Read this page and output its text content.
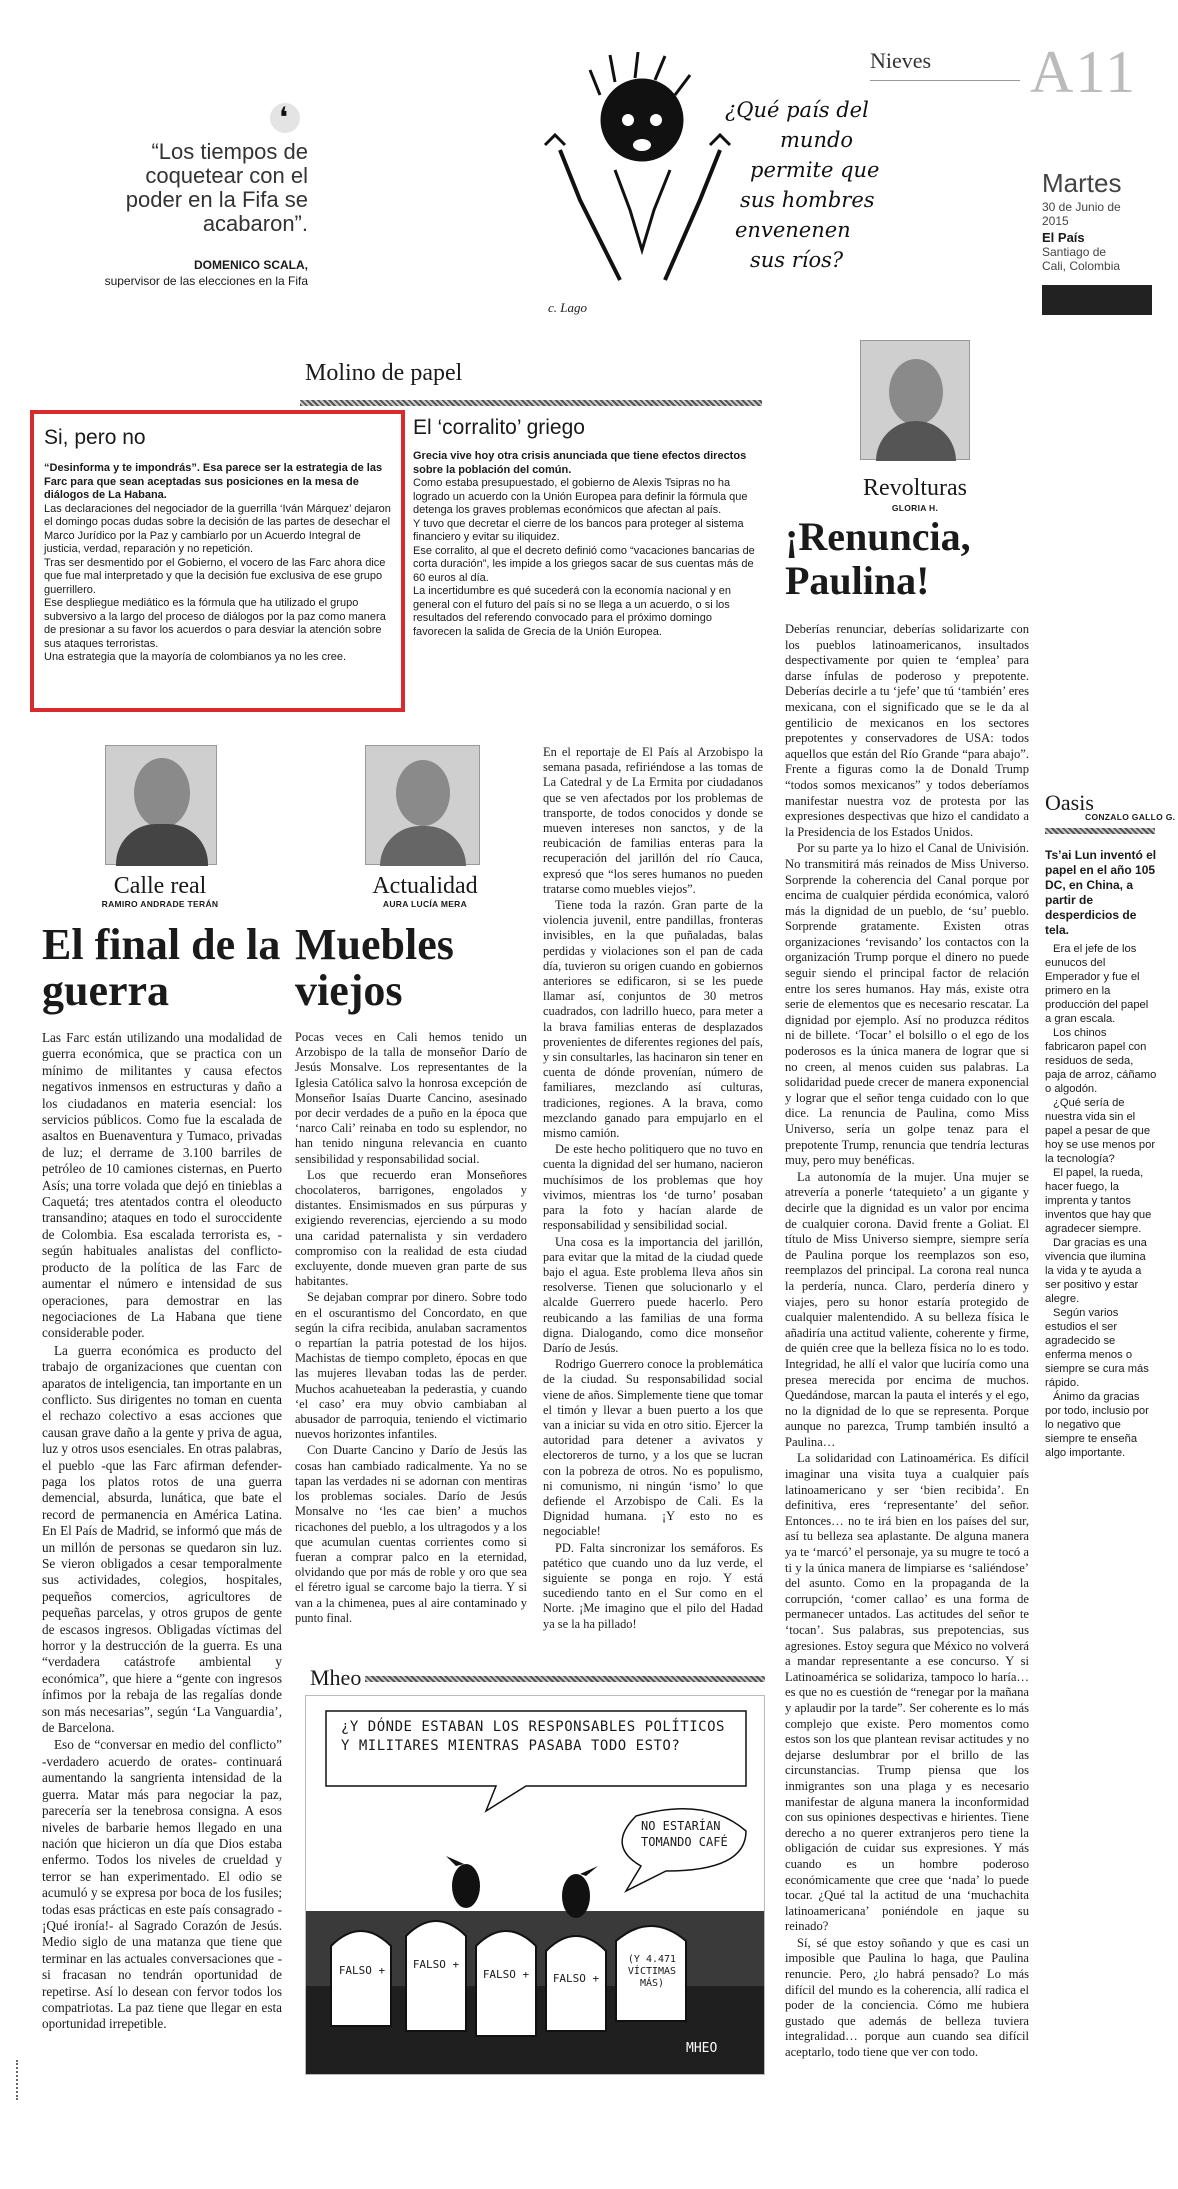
Nieves A11
❛
“Los tiempos de coquetear con el poder en la Fifa se acabaron”.
DOMENICO SCALA,
supervisor de las elecciones en la Fifa
¿Qué país del
mundo
permite que
sus hombres
envenenen
sus ríos?
c. Lago
Martes
30 de Junio de 2015
El País
Santiago de Cali, Colombia
Molino de papel
Si, pero no
“Desinforma y te impondrás”. Esa parece ser la estrategia de las Farc para que sean aceptadas sus posiciones en la mesa de diálogos de La Habana.
Las declaraciones del negociador de la guerrilla ‘Iván Márquez’ dejaron el domingo pocas dudas sobre la decisión de las partes de desechar el Marco Jurídico por la Paz y cambiarlo por un Acuerdo Integral de justicia, verdad, reparación y no repetición.
Tras ser desmentido por el Gobierno, el vocero de las Farc ahora dice que fue mal interpretado y que la decisión fue exclusiva de ese grupo guerrillero.
Ese despliegue mediático es la fórmula que ha utilizado el grupo subversivo a la largo del proceso de diálogos por la paz como manera de presionar a su favor los acuerdos o para desviar la atención sobre sus ataques terroristas.
Una estrategia que la mayoría de colombianos ya no les cree.
El ‘corralito’ griego
Grecia vive hoy otra crisis anunciada que tiene efectos directos sobre la población del común.
Como estaba presupuestado, el gobierno de Alexis Tsipras no ha logrado un acuerdo con la Unión Europea para definir la fórmula que detenga los graves problemas económicos que afectan al país.
Y tuvo que decretar el cierre de los bancos para proteger al sistema financiero y evitar su iliquidez.
Ese corralito, al que el decreto definió como “vacaciones bancarias de corta duración”, les impide a los griegos sacar de sus cuentas más de 60 euros al día.
La incertidumbre es qué sucederá con la economía nacional y en general con el futuro del país si no se llega a un acuerdo, o si los resultados del referendo convocado para el próximo domingo favorecen la salida de Grecia de la Unión Europea.
Revolturas
GLORIA H.
¡Renuncia, Paulina!

Deberías renunciar, deberías solidarizarte con los pueblos latinoamericanos, insultados despectivamente por quien te ‘emplea’ para darse ínfulas de poderoso y prepotente. Deberías decirle a tu ‘jefe’ que tú ‘también’ eres mexicana, con el significado que se le da al gentilicio de mexicanos en los sectores prepotentes y conservadores de USA: todos aquellos que están del Río Grande “para abajo”. Frente a figuras como la de Donald Trump “todos somos mexicanos” y todos deberíamos manifestar nuestra voz de protesta por las expresiones despectivas que hizo el candidato a la Presidencia de los Estados Unidos.

Por su parte ya lo hizo el Canal de Univisión. No transmitirá más reinados de Miss Universo. Sorprende la coherencia del Canal porque por encima de cualquier pérdida económica, valoró más la dignidad de un pueblo, de ‘su’ pueblo. Sorprende gratamente. Existen otras organizaciones ‘revisando’ los contactos con la organización Trump porque el dinero no puede seguir siendo el principal factor de relación entre los seres humanos. Hay más, existe otra serie de elementos que es necesario rescatar. La dignidad por ejemplo. Así no produzca réditos ni de billete. ‘Tocar’ el bolsillo o el ego de los poderosos es la única manera de lograr que si no creen, al menos cuiden sus palabras. La solidaridad puede crecer de manera exponencial y lograr que el señor tenga cuidado con lo que dice. La renuncia de Paulina, como Miss Universo, sería un golpe tenaz para el prepotente Trump, renuncia que tendría lecturas muy, pero muy benéficas.

La autonomía de la mujer. Una mujer se atrevería a ponerle ‘tatequieto’ a un gigante y decirle que la dignidad es un valor por encima de cualquier corona. David frente a Goliat. El título de Miss Universo siempre, siempre sería de Paulina porque los reemplazos son eso, reemplazos del principal. La corona real nunca la perdería, nunca. Claro, perdería dinero y viajes, pero su honor estaría protegido de cualquier malentendido. A su belleza física le añadiría una actitud valiente, coherente y firme, de quién cree que la belleza física no lo es todo. Integridad, he allí el valor que luciría como una presea merecida por encima de muchos. Quedándose, marcan la pauta el interés y el ego, no la dignidad de lo que se representa. Porque aunque no parezca, Trump también insultó a Paulina…

La solidaridad con Latinoamérica. Es difícil imaginar una visita tuya a cualquier país latinoamericano y ser ‘bien recibida’. En definitiva, eres ‘representante’ del señor. Entonces… no te irá bien en los países del sur, así tu belleza sea aplastante. De alguna manera ya te ‘marcó’ el personaje, ya su mugre te tocó a ti y la única manera de limpiarse es ‘saliéndose’ del asunto. Como en la propaganda de la corrupción, ‘comer callao’ es una forma de permanecer untados. Las actitudes del señor te ‘tocan’. Sus palabras, sus prepotencias, sus agresiones. Estoy segura que México no volverá a mandar representante a ese concurso. Y si Latinoamérica se solidariza, tampoco lo haría… es que no es cuestión de “renegar por la mañana y aplaudir por la tarde”. Ser coherente es lo más complejo que existe. Pero momentos como estos son los que plantean revisar actitudes y no dejarse deslumbrar por el brillo de las circunstancias. Trump piensa que los inmigrantes son una plaga y es necesario manifestar de alguna manera la inconformidad con sus opiniones despectivas e hirientes. Tiene derecho a no querer extranjeros pero tiene la obligación de cuidar sus expresiones. Y más cuando es un hombre poderoso económicamente que cree que ‘nada’ lo puede tocar. ¿Qué tal la actitud de una ‘muchachita latinoamericana’ poniéndole en jaque su reinado?

Sí, sé que estoy soñando y que es casi un imposible que Paulina lo haga, que Paulina renuncie. Pero, ¿lo habrá pensado? Lo más difícil del mundo es la coherencia, allí radica el poder de la conciencia. Cómo me hubiera gustado que además de belleza tuviera integralidad… porque aun cuando sea difícil aceptarlo, todo tiene que ver con todo.

Oasis
CONZALO GALLO G.
Ts’ai Lun inventó el papel en el año 105 DC, en China, a partir de desperdicios de tela.
Era el jefe de los eunucos del Emperador y fue el primero en la producción del papel a gran escala.
Los chinos fabricaron papel con residuos de seda, paja de arroz, cáñamo o algodón.
¿Qué sería de nuestra vida sin el papel a pesar de que hoy se use menos por la tecnología?
El papel, la rueda, hacer fuego, la imprenta y tantos inventos que hay que agradecer siempre.
Dar gracias es una vivencia que ilumina la vida y te ayuda a ser positivo y estar alegre.
Según varios estudios el ser agradecido se enferma menos o siempre se cura más rápido.
Ánimo da gracias por todo, inclusio por lo negativo que siempre te enseña algo importante.
Calle real
RAMIRO ANDRADE TERÁN
El final de la guerra

Las Farc están utilizando una modalidad de guerra económica, que se practica con un mínimo de militantes y causa efectos negativos inmensos en estructuras y daño a los ciudadanos en materia esencial: los servicios públicos. Como fue la escalada de asaltos en Buenaventura y Tumaco, privadas de luz; el derrame de 3.100 barriles de petróleo de 10 camiones cisternas, en Puerto Asís; una torre volada que dejó en tinieblas a Caquetá; tres atentados contra el oleoducto transandino; ataques en todo el suroccidente de Colombia. Esa escalada terrorista es, -según habituales analistas del conflicto- producto de la política de las Farc de aumentar el número e intensidad de sus operaciones, para demostrar en las negociaciones de La Habana que tiene considerable poder.

La guerra económica es producto del trabajo de organizaciones que cuentan con aparatos de inteligencia, tan importante en un conflicto. Sus dirigentes no toman en cuenta el rechazo colectivo a esas acciones que causan grave daño a la gente y priva de agua, luz y otros usos esenciales. En otras palabras, el pueblo -que las Farc afirman defender- paga los platos rotos de una guerra demencial, absurda, lunática, que bate el record de permanencia en América Latina. En El País de Madrid, se informó que más de un millón de personas se quedaron sin luz. Se vieron obligados a cesar temporalmente sus actividades, colegios, hospitales, pequeños comercios, agricultores de pequeñas parcelas, y otros grupos de gente de escasos ingresos. Obligadas víctimas del horror y la destrucción de la guerra. Es una “verdadera catástrofe ambiental y económica”, que hiere a “gente con ingresos ínfimos por la rebaja de las regalías donde son más necesarias”, según ‘La Vanguardia’, de Barcelona.

Eso de “conversar en medio del conflicto” -verdadero acuerdo de orates- continuará aumentando la sangrienta intensidad de la guerra. Matar más para negociar la paz, parecería ser la tenebrosa consigna. A esos niveles de barbarie hemos llegado en una nación que hicieron un día que Dios estaba enfermo. Todos los niveles de crueldad y terror se han experimentado. El odio se acumuló y se expresa por boca de los fusiles; todas esas prácticas en este país consagrado -¡Qué ironía!- al Sagrado Corazón de Jesús. Medio siglo de una matanza que tiene que terminar en las actuales conversaciones que -si fracasan no tendrán oportunidad de repetirse. Así lo desean con fervor todos los compatriotas. La paz tiene que llegar en esta oportunidad irrepetible.

Actualidad
AURA LUCÍA MERA
Muebles viejos

Pocas veces en Cali hemos tenido un Arzobispo de la talla de monseñor Darío de Jesús Monsalve. Los representantes de la Iglesia Católica salvo la honrosa excepción de Monseñor Isaías Duarte Cancino, asesinado por decir verdades de a puño en la época que ‘narco Cali’ reinaba en todo su esplendor, no han tenido ninguna relevancia en cuanto sensibilidad y responsabilidad social.

Los que recuerdo eran Monseñores chocolateros, barrigones, engolados y distantes. Ensimismados en sus púrpuras y exigiendo reverencias, ejerciendo a su modo una caridad paternalista y sin verdadero compromiso con la realidad de esta ciudad excluyente, donde mueven gran parte de sus habitantes.

Se dejaban comprar por dinero. Sobre todo en el oscurantismo del Concordato, en que según la cifra recibida, anulaban sacramentos o repartían la patria potestad de los hijos. Machistas de tiempo completo, épocas en que las mujeres llevaban todas las de perder. Muchos acahueteaban la pederastia, y cuando ‘el caso’ era muy obvio cambiaban al abusador de parroquia, teniendo el victimario nuevos horizontes infantiles.

Con Duarte Cancino y Darío de Jesús las cosas han cambiado radicalmente. Ya no se tapan las verdades ni se adornan con mentiras los problemas sociales. Darío de Jesús Monsalve no ‘les cae bien’ a muchos ricachones del pueblo, a los ultragodos y a los que acumulan cuentas corrientes como si fueran a comprar palco en la eternidad, olvidando que por más de roble y oro que sea el féretro igual se carcome bajo la tierra. Y si van a la chimenea, pues al aire contaminado y punto final.

En el reportaje de El País al Arzobispo la semana pasada, refiriéndose a las tomas de La Catedral y de La Ermita por ciudadanos que se ven afectados por los problemas de transporte, de todos conocidos y donde se mueven intereses non sanctos, y de la reubicación de familias enteras para la recuperación del jarillón del río Cauca, expresó que “los seres humanos no pueden tratarse como muebles viejos”.

Tiene toda la razón. Gran parte de la violencia juvenil, entre pandillas, fronteras invisibles, en la que puñaladas, balas perdidas y violaciones son el pan de cada día, tuvieron su origen cuando en gobiernos anteriores se edificaron, si se les puede llamar así, conjuntos de 30 metros cuadrados, con ladrillo hueco, para meter a la brava familias enteras de desplazados provenientes de diferentes regiones del país, y sin consultarles, las hacinaron sin tener en cuenta de dónde provenían, número de familiares, mezclando así culturas, tradiciones, regiones. A la brava, como mezclando ganado para empujarlo en el mismo camión.

De este hecho politiquero que no tuvo en cuenta la dignidad del ser humano, nacieron muchísimos de los problemas que hoy vivimos, mientras los ‘de turno’ posaban para la foto y hacían alarde de responsabilidad y sensibilidad social.

Una cosa es la importancia del jarillón, para evitar que la mitad de la ciudad quede bajo el agua. Este problema lleva años sin resolverse. Tienen que solucionarlo y el alcalde Guerrero puede hacerlo. Pero reubicando a las familias de una forma digna. Dialogando, como dice monseñor Darío de Jesús.

Rodrigo Guerrero conoce la problemática de la ciudad. Su responsabilidad social viene de años. Simplemente tiene que tomar el timón y llevar a buen puerto a los que van a iniciar su vida en otro sitio. Ejercer la autoridad para detener a avivatos y electoreros de turno, y a los que se lucran con la pobreza de otros. No es populismo, ni comunismo, ni ningún ‘ismo’ lo que defiende el Arzobispo de Cali. Es la Dignidad humana. ¡Y esto no es negociable!

PD. Falta sincronizar los semáforos. Es patético que cuando uno da luz verde, el siguiente se ponga en rojo. Y está sucediendo tanto en el Sur como en el Norte. ¡Me imagino que el pilo del Hadad ya se la ha pillado!

Mheo
¿Y DÓNDE ESTABAN LOS RESPONSABLES POLÍTICOS Y MILITARES MIENTRAS PASABA TODO ESTO?
NO ESTARÍAN TOMANDO CAFÉ
FALSO +	FALSO +
FALSO + FALSO +
(Y 4.471 VÍCTIMAS MÁS)
MHEO
